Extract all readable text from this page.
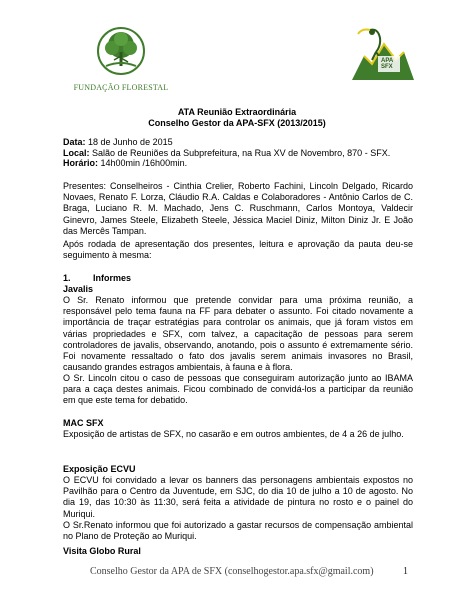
FUNDAÇÃO FLORESTAL
APA
SFX
ATA Reunião Extraordinária
Conselho Gestor da APA-SFX (2013/2015)
Data: 18 de Junho de 2015
Local: Salão de Reuniões da Subprefeitura, na Rua XV de Novembro, 870 - SFX.
Horário: 14h00min /16h00min.
Presentes: Conselheiros - Cinthia Crelier, Roberto Fachini, Lincoln Delgado, Ricardo Novaes, Renato F. Lorza, Cláudio R.A. Caldas e Colaboradores - Antônio Carlos de C. Braga, Luciano R. M. Machado, Jens C. Ruschmann, Carlos Montoya, Valdecir Ginevro, James Steele, Elizabeth Steele, Jéssica Maciel Diniz, Milton Diniz Jr. E João das Mercês Tampan.
Após rodada de apresentação dos presentes, leitura e aprovação da pauta deu-se seguimento à mesma:
1. Informes
Javalis
O Sr. Renato informou que pretende convidar para uma próxima reunião, a responsável pelo tema fauna na FF para debater o assunto. Foi citado novamente a importância de traçar estratégias para controlar os animais, que já foram vistos em várias propriedades e SFX, com talvez, a capacitação de pessoas para serem controladores de javalis, observando, anotando, pois o assunto é extremamente sério. Foi novamente ressaltado o fato dos javalis serem animais invasores no Brasil, causando grandes estragos ambientais, à fauna e à flora.
O Sr. Lincoln citou o caso de pessoas que conseguiram autorização junto ao IBAMA para a caça destes animais. Ficou combinado de convidá-los a participar da reunião em que este tema for debatido.
MAC SFX
Exposição de artistas de SFX, no casarão e em outros ambientes, de 4 a 26 de julho.
Exposição ECVU
O ECVU foi convidado a levar os banners das personagens ambientais expostos no Pavilhão para o Centro da Juventude, em SJC, do dia 10 de julho a 10 de agosto. No dia 19, das 10:30 às 11:30, será feita a atividade de pintura no rosto e o painel do Muriqui.
O Sr.Renato informou que foi autorizado a gastar recursos de compensação ambiental no Plano de Proteção ao Muriqui.
Visita Globo Rural
Conselho Gestor da APA de SFX (conselhogestor.apa.sfx@gmail.com)	1
